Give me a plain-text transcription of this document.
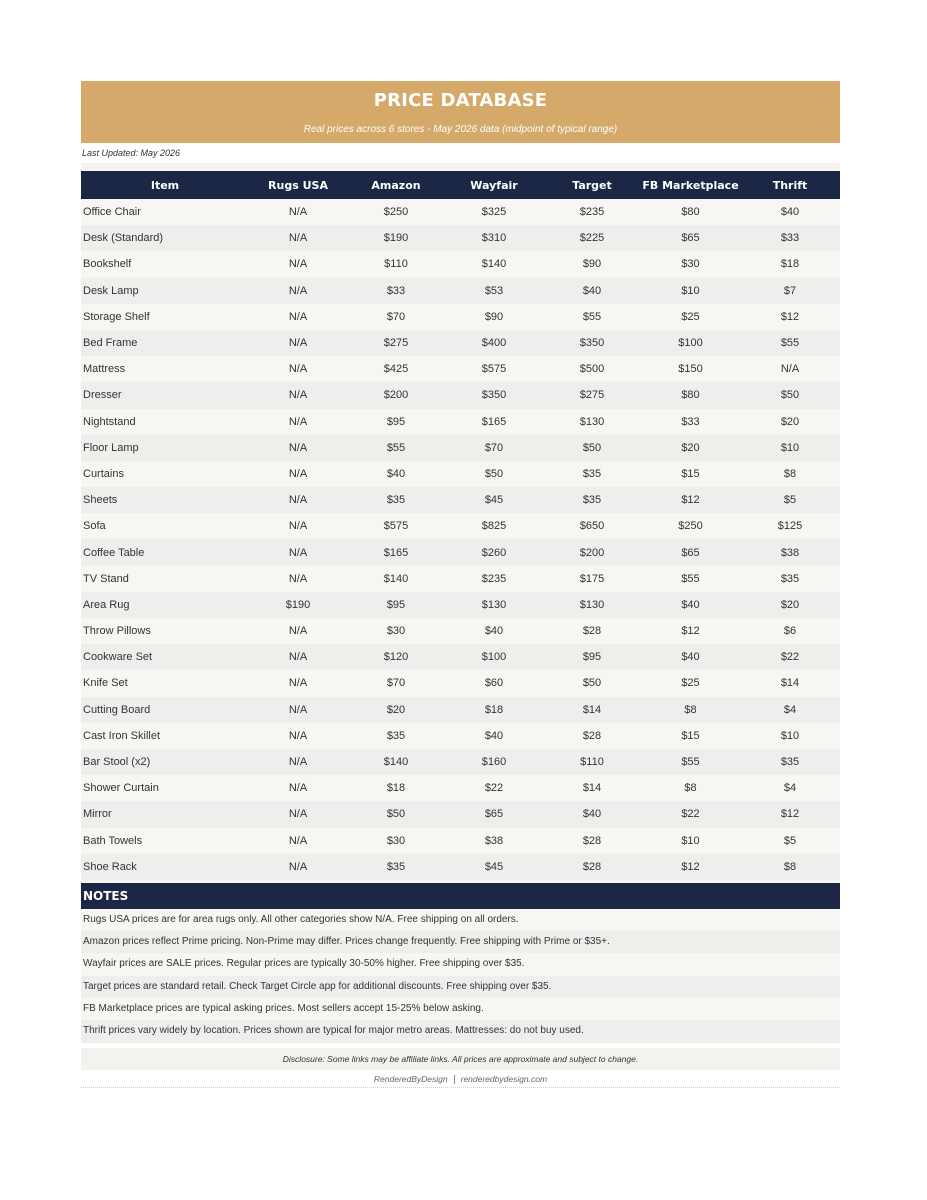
PRICE DATABASE
Real prices across 6 stores - May 2026 data (midpoint of typical range)
Last Updated: May 2026
Item	Rugs USA	Amazon	Wayfair	Target	FB Marketplace	Thrift
Office Chair	N/A	$250	$325	$235	$80	$40
Desk (Standard)	N/A	$190	$310	$225	$65	$33
Bookshelf	N/A	$110	$140	$90	$30	$18
Desk Lamp	N/A	$33	$53	$40	$10	$7
Storage Shelf	N/A	$70	$90	$55	$25	$12
Bed Frame	N/A	$275	$400	$350	$100	$55
Mattress	N/A	$425	$575	$500	$150	N/A
Dresser	N/A	$200	$350	$275	$80	$50
Nightstand	N/A	$95	$165	$130	$33	$20
Floor Lamp	N/A	$55	$70	$50	$20	$10
Curtains	N/A	$40	$50	$35	$15	$8
Sheets	N/A	$35	$45	$35	$12	$5
Sofa	N/A	$575	$825	$650	$250	$125
Coffee Table	N/A	$165	$260	$200	$65	$38
TV Stand	N/A	$140	$235	$175	$55	$35
Area Rug	$190	$95	$130	$130	$40	$20
Throw Pillows	N/A	$30	$40	$28	$12	$6
Cookware Set	N/A	$120	$100	$95	$40	$22
Knife Set	N/A	$70	$60	$50	$25	$14
Cutting Board	N/A	$20	$18	$14	$8	$4
Cast Iron Skillet	N/A	$35	$40	$28	$15	$10
Bar Stool (x2)	N/A	$140	$160	$110	$55	$35
Shower Curtain	N/A	$18	$22	$14	$8	$4
Mirror	N/A	$50	$65	$40	$22	$12
Bath Towels	N/A	$30	$38	$28	$10	$5
Shoe Rack	N/A	$35	$45	$28	$12	$8
NOTES
Rugs USA prices are for area rugs only. All other categories show N/A. Free shipping on all orders.
Amazon prices reflect Prime pricing. Non-Prime may differ. Prices change frequently. Free shipping with Prime or $35+.
Wayfair prices are SALE prices. Regular prices are typically 30-50% higher. Free shipping over $35.
Target prices are standard retail. Check Target Circle app for additional discounts. Free shipping over $35.
FB Marketplace prices are typical asking prices. Most sellers accept 15-25% below asking.
Thrift prices vary widely by location. Prices shown are typical for major metro areas. Mattresses: do not buy used.
Disclosure: Some links may be affiliate links. All prices are approximate and subject to change.
RenderedByDesign renderedbydesign.com
